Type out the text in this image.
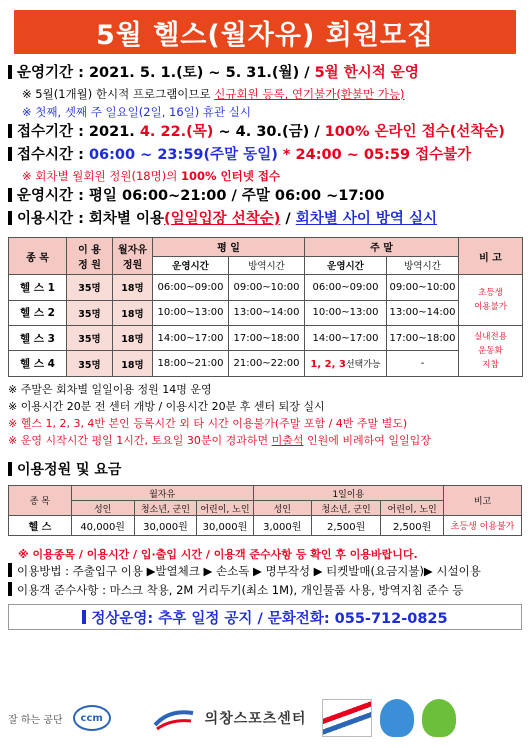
5월 헬스(월자유) 회원모집
운영기간 : 2021. 5. 1.(토) ~ 5. 31.(월) / 5월 한시적 운영
※ 5월(1개월) 한시적 프로그램이므로 신규회원 등록, 연기불가(환불만 가능)
※ 첫째, 셋째 주 일요일(2일, 16일) 휴관 실시
접수기간 : 2021. 4. 22.(목) ~ 4. 30.(금) / 100% 온라인 접수(선착순)
접수시간 : 06:00 ~ 23:59(주말 동일) * 24:00 ~ 05:59 접수불가
※ 회차별 월회원 정원(18명)의 100% 인터넷 접수
운영시간 : 평일 06:00~21:00 / 주말 06:00 ~17:00
이용시간 : 회차별 이용(일일입장 선착순) / 회차별 사이 방역 실시
종 목	이 용
정 원	월자유
정원	평 일		주 말		비 고
			운영시간	방역시간	운영시간	방역시간	
헬 스 1	35명	18명	06:00~09:00	09:00~10:00	06:00~09:00	09:00~10:00	초등생
이용불가
헬 스 2	35명	18명	10:00~13:00	13:00~14:00	10:00~13:00	13:00~14:00	
헬 스 3	35명	18명	14:00~17:00	17:00~18:00	14:00~17:00	17:00~18:00	실내전용
운동화
지참
헬 스 4	35명	18명	18:00~21:00	21:00~22:00	1, 2, 3선택가능	-	
※ 주말은 회차별 일일이용 정원 14명 운영
※ 이용시간 20분 전 센터 개방 / 이용시간 20분 후 센터 퇴장 실시
※ 헬스 1, 2, 3, 4반 본인 등록시간 외 타 시간 이용불가(주말 포함 / 4반 주말 별도)
※ 운영 시작시간 평일 1시간, 토요일 30분이 경과하면 미출석 인원에 비례하여 일일입장
이용정원 및 요금
종 목	월자유			1일이용			비고
	성인	청소년, 군인	어린이, 노인	성인	청소년, 군인	어린이, 노인	
헬 스	40,000원	30,000원	30,000원	3,000원	2,500원	2,500원	초등생 이용불가
※ 이용종목 / 이용시간 / 입·출입 시간 / 이용객 준수사항 등 확인 후 이용바랍니다.
이용방법 : 주출입구 이용 ▶발열체크 ▶ 손소독 ▶ 명부작성 ▶ 티켓발매(요금지불)▶ 시설이용
이용객 준수사항 : 마스크 착용, 2M 거리두기(최소 1M), 개인물품 사용, 방역지침 준수 등
정상운영: 추후 일정 공지 / 문화전화: 055-712-0825
잘 하는 공단	ccm	의창스포츠센터
